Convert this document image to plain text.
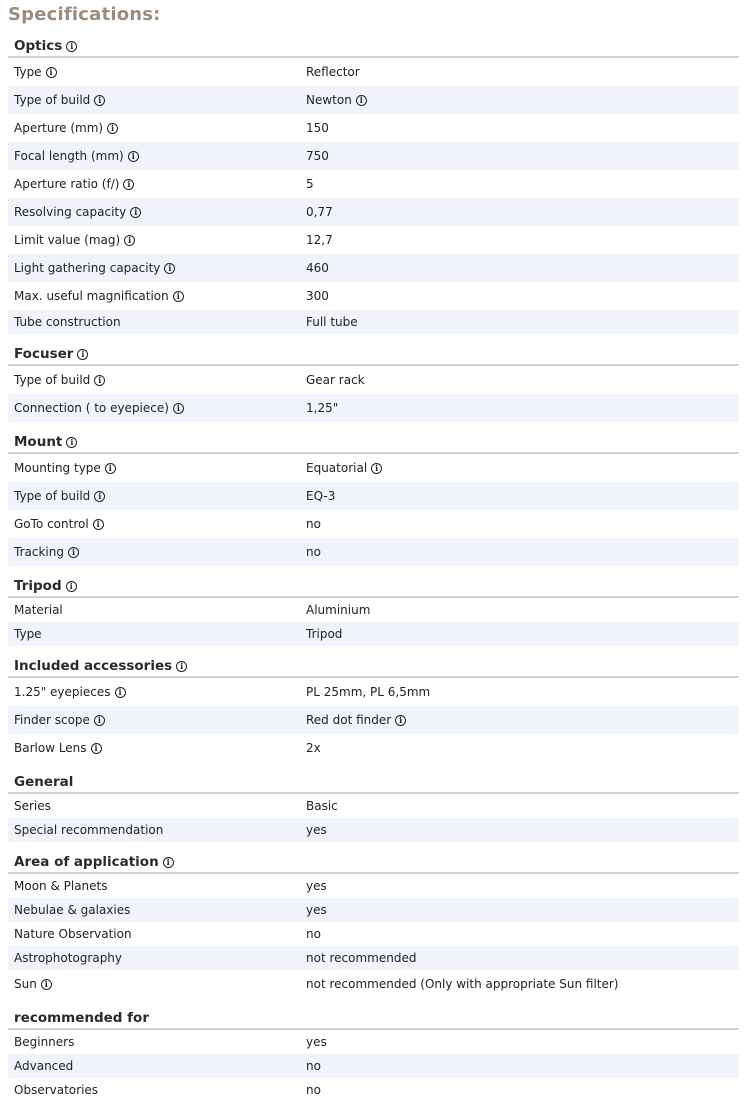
Specifications:
Optics i
Type i	Reflector
Type of build i	Newton i
Aperture (mm) i	150
Focal length (mm) i	750
Aperture ratio (f/) i	5
Resolving capacity i	0,77
Limit value (mag) i	12,7
Light gathering capacity i	460
Max. useful magnification i	300
Tube construction	Full tube
Focuser i
Type of build i	Gear rack
Connection ( to eyepiece) i	1,25"
Mount i
Mounting type i	Equatorial i
Type of build i	EQ-3
GoTo control i	no
Tracking i	no
Tripod i
Material	Aluminium
Type	Tripod
Included accessories i
1.25" eyepieces i	PL 25mm, PL 6,5mm
Finder scope i	Red dot finder i
Barlow Lens i	2x
General
Series	Basic
Special recommendation	yes
Area of application i
Moon & Planets	yes
Nebulae & galaxies	yes
Nature Observation	no
Astrophotography	not recommended
Sun i	not recommended (Only with appropriate Sun filter)
recommended for
Beginners	yes
Advanced	no
Observatories	no
